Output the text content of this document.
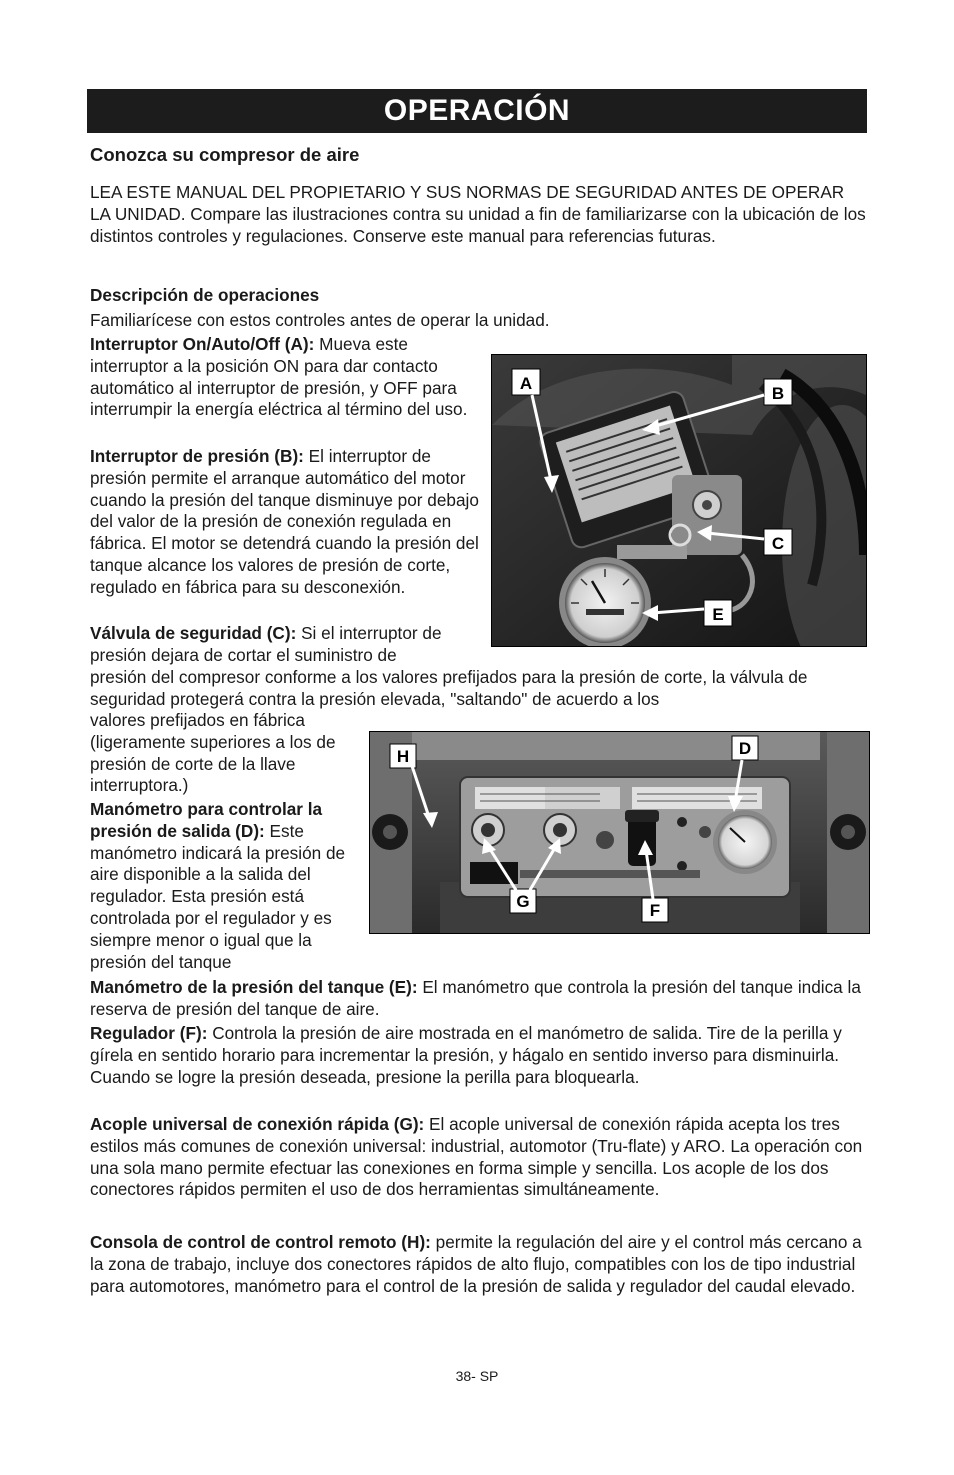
OPERACIÓN
Conozca su compresor de aire

LEA ESTE MANUAL DEL PROPIETARIO Y SUS NORMAS DE SEGURIDAD ANTES DE OPERAR LA UNIDAD. Compare las ilustraciones contra su unidad a fin de familiarizarse con la ubicación de los distintos controles y regulaciones. Conserve este manual para referencias futuras.

Descripción de operaciones

Familiarícese con estos controles antes de operar la unidad.

Interruptor On/Auto/Off (A): Mueva este interruptor a la posición ON para dar contacto automático al interruptor de presión, y OFF para interrumpir la energía eléctrica al término del uso.

Interruptor de presión (B): El interruptor de presión permite el arranque automático del motor cuando la presión del tanque disminuye por debajo del valor de la presión de conexión regulada en fábrica. El motor se detendrá cuando la presión del tanque alcance los valores de presión de corte, regulado en fábrica para su desconexión.

Válvula de seguridad (C): Si el interruptor de presión dejara de cortar el suministro de

presión del compresor conforme a los valores prefijados para la presión de corte, la válvula de seguridad protegerá contra la presión elevada, "saltando" de acuerdo a los

valores prefijados en fábrica (ligeramente superiores a los de presión de corte de la llave interruptora.)

Manómetro para controlar la presión de salida (D): Este manómetro indicará la presión de aire disponible a la salida del regulador. Esta presión está controlada por el regulador y es siempre menor o igual que la presión del tanque

Manómetro de la presión del tanque (E): El manómetro que controla la presión del tanque indica la reserva de presión del tanque de aire.

Regulador (F): Controla la presión de aire mostrada en el manómetro de salida. Tire de la perilla y gírela en sentido horario para incrementar la presión, y hágalo en sentido inverso para disminuirla. Cuando se logre la presión deseada, presione la perilla para bloquearla.

Acople universal de conexión rápida (G): El acople universal de conexión rápida acepta los tres estilos más comunes de conexión universal: industrial, automotor (Tru-flate) y ARO. La operación con una sola mano permite efectuar las conexiones en forma simple y sencilla. Los acople de los dos conectores rápidos permiten el uso de dos herramientas simultáneamente.

Consola de control de control remoto (H): permite la regulación del aire y el control más cercano a la zona de trabajo, incluye dos conectores rápidos de alto flujo, compatibles con los de tipo industrial para automotores, manómetro para el control de la presión de salida y regulador del caudal elevado.

A
B
C
E
H	D
G	F
38- SP
